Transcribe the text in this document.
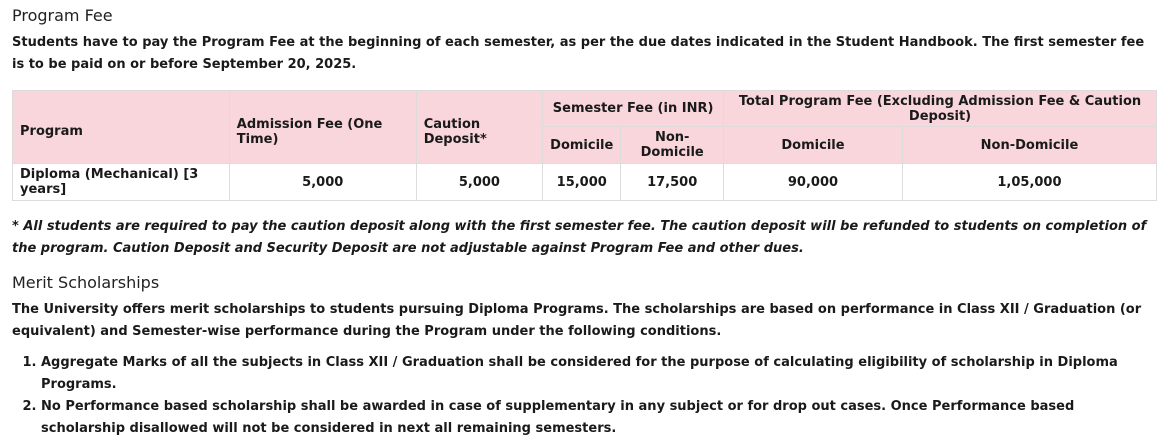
Program Fee

Students have to pay the Program Fee at the beginning of each semester, as per the due dates indicated in the Student Handbook. The first semester fee is to be paid on or before September 20, 2025.

Program	Admission Fee (One Time)	Caution Deposit*	Semester Fee (in INR)		Total Program Fee (Excluding Admission Fee & Caution Deposit)	
			Domicile	Non-Domicile	Domicile	Non-Domicile
Diploma (Mechanical) [3 years]	5,000	5,000	15,000	17,500	90,000	1,05,000

* All students are required to pay the caution deposit along with the first semester fee. The caution deposit will be refunded to students on completion of the program. Caution Deposit and Security Deposit are not adjustable against Program Fee and other dues.

Merit Scholarships

The University offers merit scholarships to students pursuing Diploma Programs. The scholarships are based on performance in Class XII / Graduation (or equivalent) and Semester-wise performance during the Program under the following conditions.

1. Aggregate Marks of all the subjects in Class XII / Graduation shall be considered for the purpose of calculating eligibility of scholarship in Diploma Programs.
2. No Performance based scholarship shall be awarded in case of supplementary in any subject or for drop out cases. Once Performance based scholarship disallowed will not be considered in next all remaining semesters.
